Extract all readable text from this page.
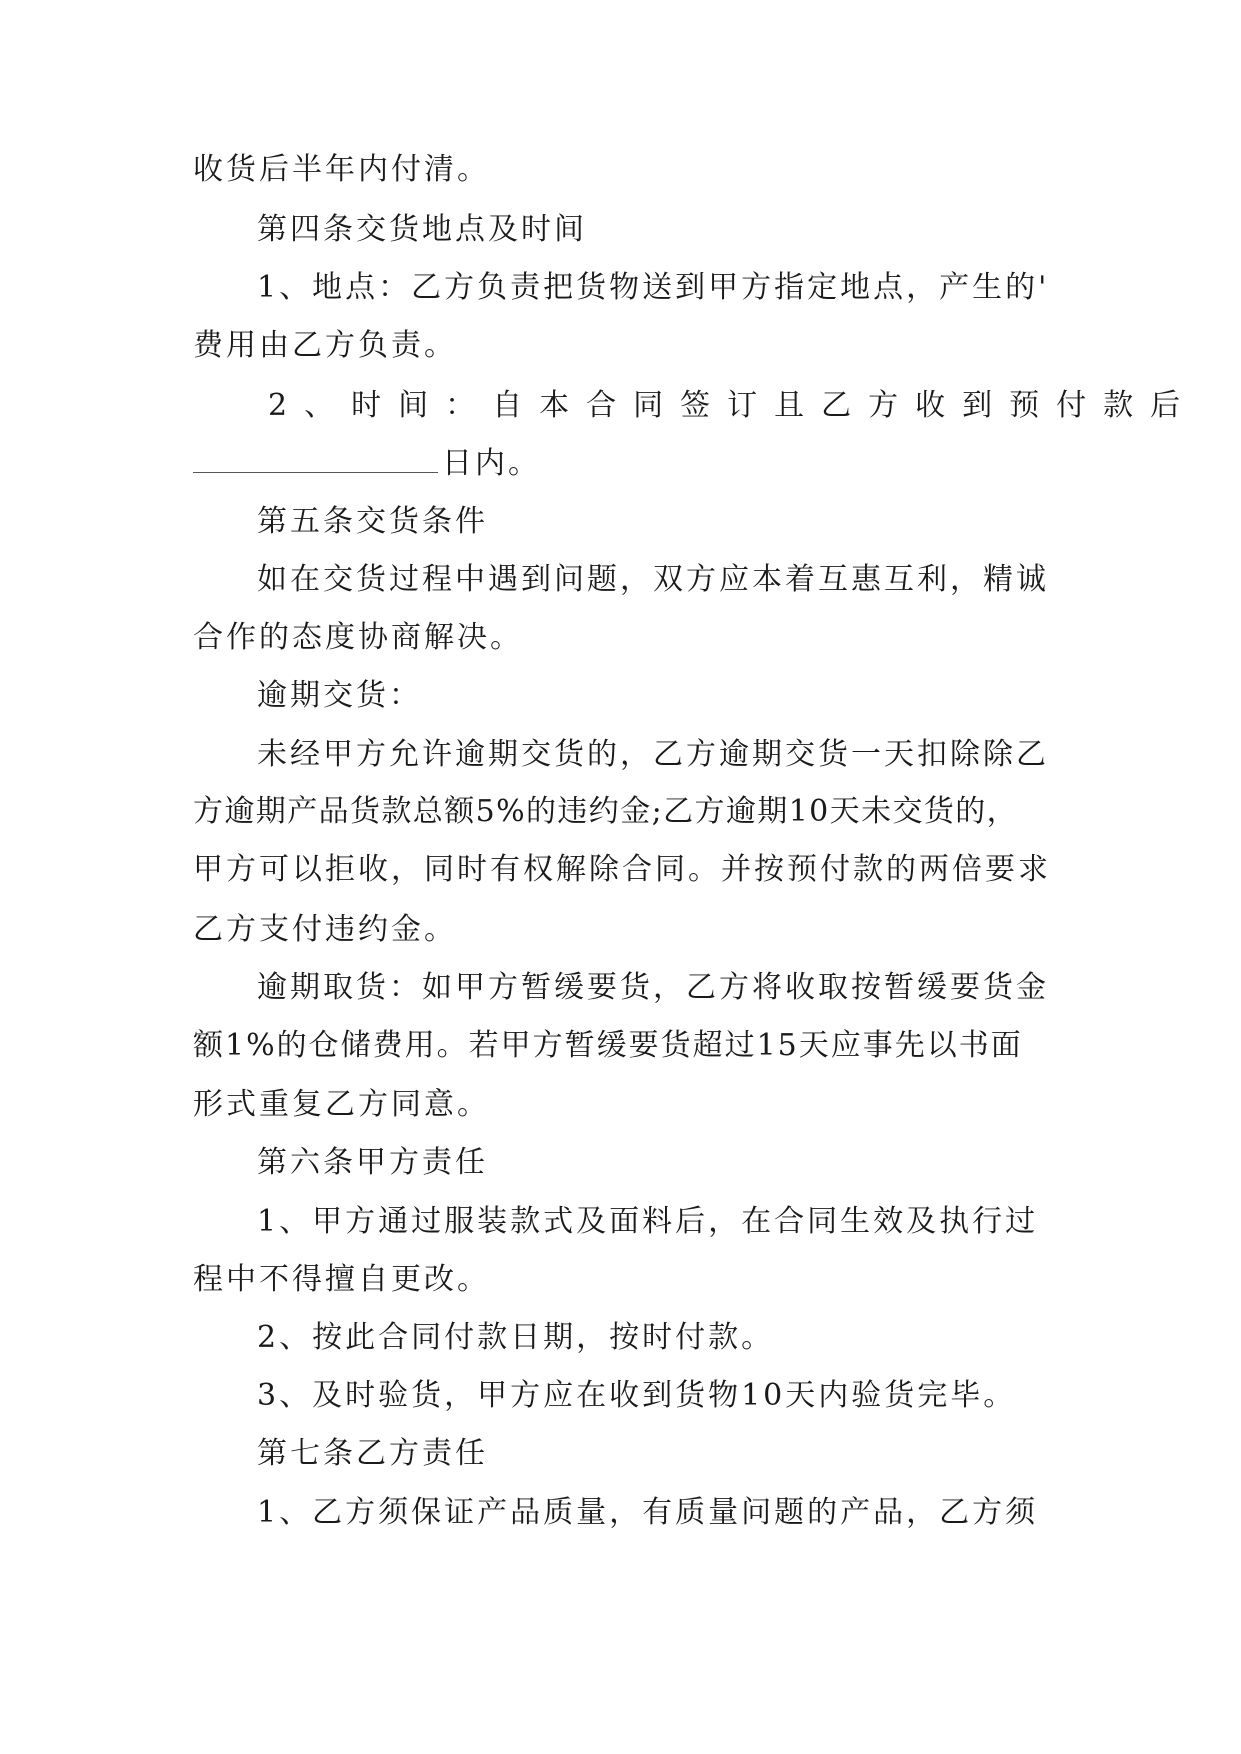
收货后半年内付清。
第四条交货地点及时间
1、地点：乙方负责把货物送到甲方指定地点，产生的'
费用由乙方负责。
2、时间：自本合同签订且乙方收到预付款后
日内。
第五条交货条件
如在交货过程中遇到问题，双方应本着互惠互利，精诚
合作的态度协商解决。
逾期交货：
未经甲方允许逾期交货的，乙方逾期交货一天扣除除乙
方逾期产品货款总额5%的违约金;乙方逾期10天未交货的，
甲方可以拒收，同时有权解除合同。并按预付款的两倍要求
乙方支付违约金。
逾期取货：如甲方暂缓要货，乙方将收取按暂缓要货金
额1%的仓储费用。若甲方暂缓要货超过15天应事先以书面
形式重复乙方同意。
第六条甲方责任
1、甲方通过服装款式及面料后，在合同生效及执行过
程中不得擅自更改。
2、按此合同付款日期，按时付款。
3、及时验货，甲方应在收到货物10天内验货完毕。
第七条乙方责任
1、乙方须保证产品质量，有质量问题的产品，乙方须
